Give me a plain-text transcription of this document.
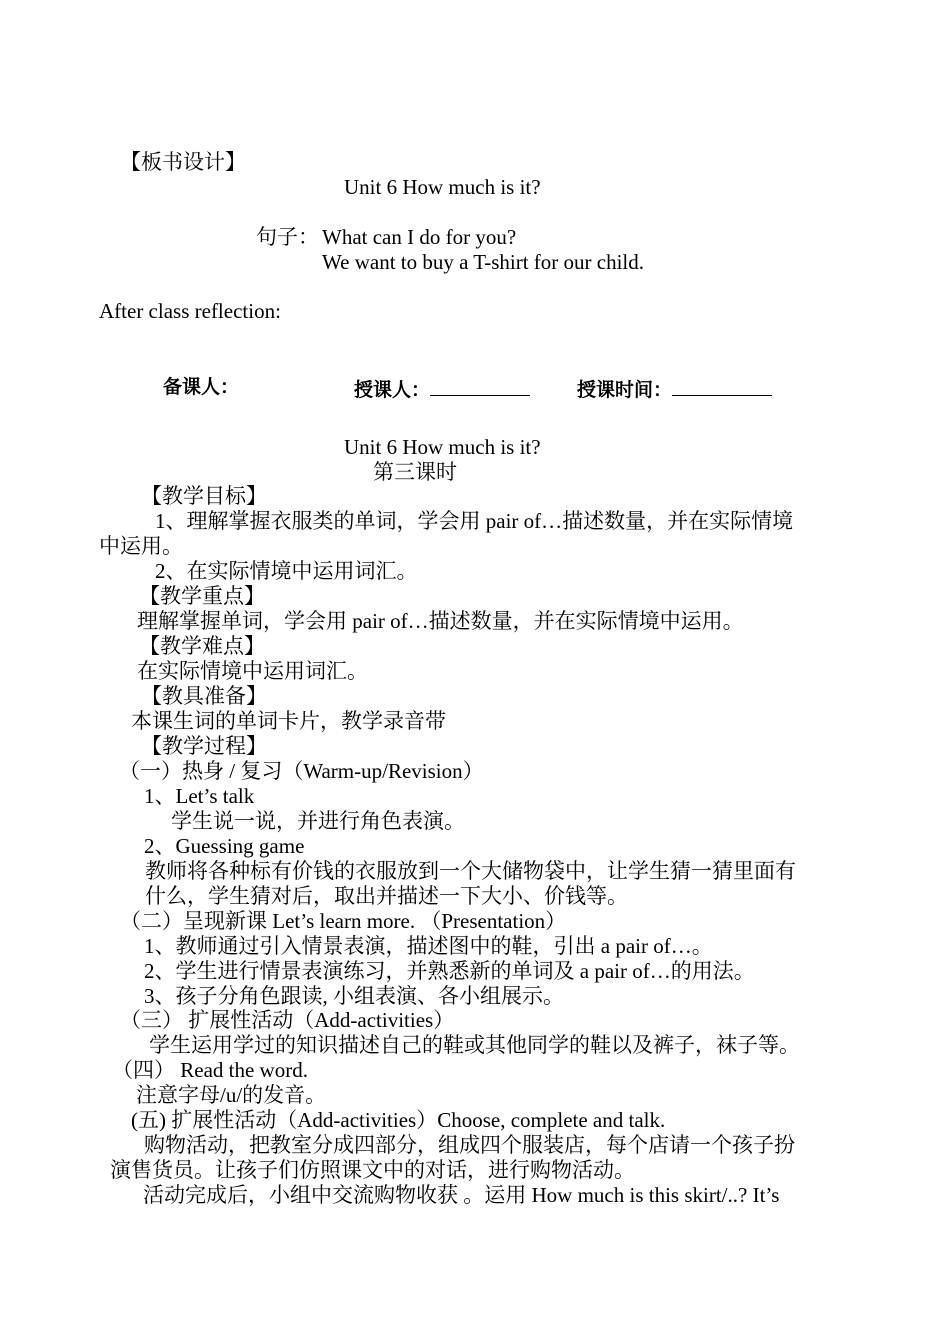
【板书设计】
Unit 6 How much is it?
句子： What can I do for you?
We want to buy a T-shirt for our child.
After class reflection:
备课人：	授课人：	授课时间：
Unit 6 How much is it?
第三课时
【教学目标】
1、理解掌握衣服类的单词，学会用 pair of…描述数量，并在实际情境
中运用。
2、在实际情境中运用词汇。
【教学重点】
理解掌握单词，学会用 pair of…描述数量，并在实际情境中运用。
【教学难点】
在实际情境中运用词汇。
【教具准备】
本课生词的单词卡片，教学录音带
【教学过程】
（一）热身 / 复习（Warm-up/Revision）
1、Let’s talk
学生说一说，并进行角色表演。
2、Guessing game
教师将各种标有价钱的衣服放到一个大储物袋中，让学生猜一猜里面有
什么，学生猜对后，取出并描述一下大小、价钱等。
（二）呈现新课 Let’s learn more. （Presentation）
1、教师通过引入情景表演，描述图中的鞋，引出 a pair of…。
2、学生进行情景表演练习，并熟悉新的单词及 a pair of…的用法。
3、孩子分角色跟读, 小组表演、各小组展示。
（三） 扩展性活动（Add-activities）
学生运用学过的知识描述自己的鞋或其他同学的鞋以及裤子，袜子等。
（四） Read the word.
注意字母/u/的发音。
(五) 扩展性活动（Add-activities）Choose, complete and talk.
购物活动，把教室分成四部分，组成四个服装店，每个店请一个孩子扮
演售货员。让孩子们仿照课文中的对话，进行购物活动。
活动完成后，小组中交流购物收获 。运用 How much is this skirt/..? It’s
